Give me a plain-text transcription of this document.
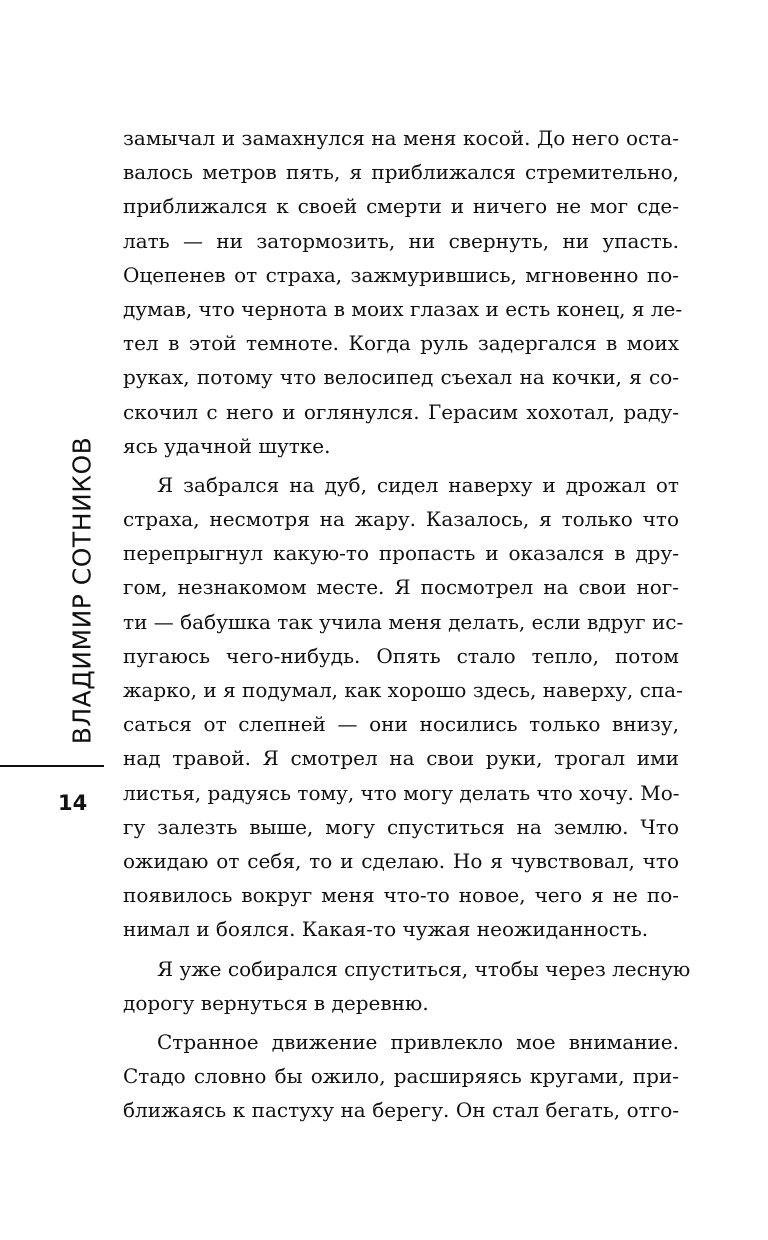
ВЛАДИМИР СОТНИКОВ
14
замычал и замахнулся на меня косой. До него оста-
валось метров пять, я приближался стремительно,
приближался к своей смерти и ничего не мог сде-
лать — ни затормозить, ни свернуть, ни упасть.
Оцепенев от страха, зажмурившись, мгновенно по-
думав, что чернота в моих глазах и есть конец, я ле-
тел в этой темноте. Когда руль задергался в моих
руках, потому что велосипед съехал на кочки, я со-
скочил с него и оглянулся. Герасим хохотал, раду-
ясь удачной шутке.
Я забрался на дуб, сидел наверху и дрожал от
страха, несмотря на жару. Казалось, я только что
перепрыгнул какую-то пропасть и оказался в дру-
гом, незнакомом месте. Я посмотрел на свои ног-
ти — бабушка так учила меня делать, если вдруг ис-
пугаюсь чего-нибудь. Опять стало тепло, потом
жарко, и я подумал, как хорошо здесь, наверху, спа-
саться от слепней — они носились только внизу,
над травой. Я смотрел на свои руки, трогал ими
листья, радуясь тому, что могу делать что хочу. Мо-
гу залезть выше, могу спуститься на землю. Что
ожидаю от себя, то и сделаю. Но я чувствовал, что
появилось вокруг меня что-то новое, чего я не по-
нимал и боялся. Какая-то чужая неожиданность.
Я уже собирался спуститься, чтобы через лесную
дорогу вернуться в деревню.
Странное движение привлекло мое внимание.
Стадо словно бы ожило, расширяясь кругами, при-
ближаясь к пастуху на берегу. Он стал бегать, отго-
